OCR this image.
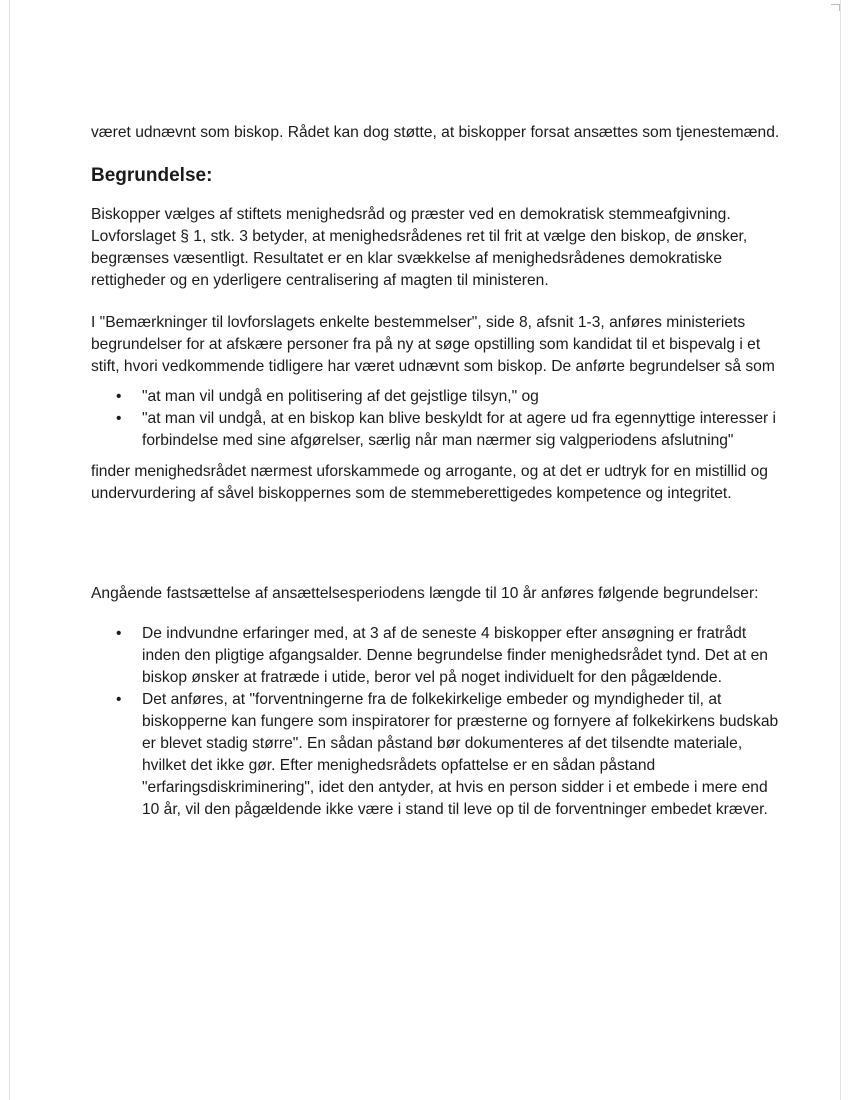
været udnævnt som biskop. Rådet kan dog støtte, at biskopper forsat ansættes som tjenestemænd.

Begrundelse:

Biskopper vælges af stiftets menighedsråd og præster ved en demokratisk stemmeafgivning. Lovforslaget § 1, stk. 3 betyder, at menighedsrådenes ret til frit at vælge den biskop, de ønsker, begrænses væsentligt. Resultatet er en klar svækkelse af menighedsrådenes demokratiske rettigheder og en yderligere centralisering af magten til ministeren.

I "Bemærkninger til lovforslagets enkelte bestemmelser", side 8, afsnit 1-3, anføres ministeriets begrundelser for at afskære personer fra på ny at søge opstilling som kandidat til et bispevalg i et stift, hvori vedkommende tidligere har været udnævnt som biskop. De anførte begrundelser så som

• "at man vil undgå en politisering af det gejstlige tilsyn," og
• "at man vil undgå, at en biskop kan blive beskyldt for at agere ud fra egennyttige interesser i forbindelse med sine afgørelser, særlig når man nærmer sig valgperiodens afslutning"

finder menighedsrådet nærmest uforskammede og arrogante, og at det er udtryk for en mistillid og undervurdering af såvel biskoppernes som de stemmeberettigedes kompetence og integritet.

Angående fastsættelse af ansættelsesperiodens længde til 10 år anføres følgende begrundelser:

• De indvundne erfaringer med, at 3 af de seneste 4 biskopper efter ansøgning er fratrådt inden den pligtige afgangsalder. Denne begrundelse finder menighedsrådet tynd. Det at en biskop ønsker at fratræde i utide, beror vel på noget individuelt for den pågældende.
• Det anføres, at "forventningerne fra de folkekirkelige embeder og myndigheder til, at biskopperne kan fungere som inspiratorer for præsterne og fornyere af folkekirkens budskab er blevet stadig større". En sådan påstand bør dokumenteres af det tilsendte materiale, hvilket det ikke gør. Efter menighedsrådets opfattelse er en sådan påstand "erfaringsdiskriminering", idet den antyder, at hvis en person sidder i et embede i mere end 10 år, vil den pågældende ikke være i stand til leve op til de forventninger embedet kræver.
